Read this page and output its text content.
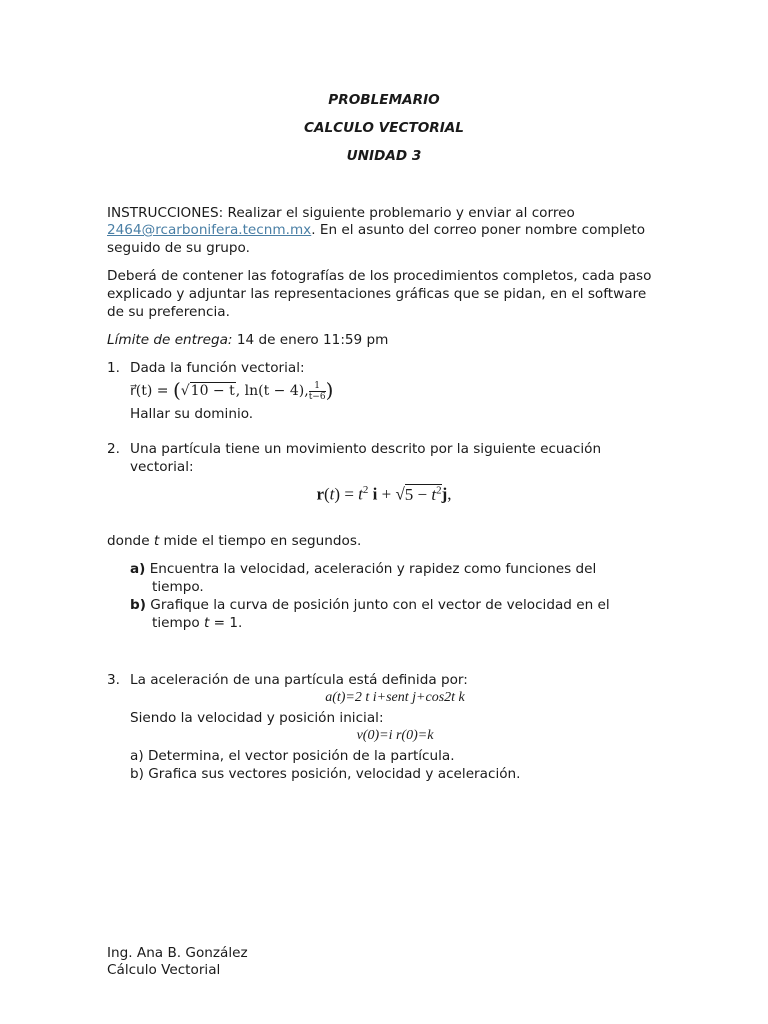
PROBLEMARIO
CALCULO VECTORIAL
UNIDAD 3
INSTRUCCIONES: Realizar el siguiente problemario y enviar al correo
2464@rcarbonifera.tecnm.mx. En el asunto del correo poner nombre completo
seguido de su grupo.
Deberá de contener las fotografías de los procedimientos completos, cada paso
explicado y adjuntar las representaciones gráficas que se pidan, en el software
de su preferencia.
Límite de entrega: 14 de enero 11:59 pm
1. Dada la función vectorial:
r⃗(t) = (√10 − t, ln(t − 4), $\frac{1}{t-6}$ )
Hallar su dominio.
2. Una partícula tiene un movimiento descrito por la siguiente ecuación
vectorial:
$r(t) = t^2$ $i + √5 - t^2j$,
donde t mide el tiempo en segundos.
a) Encuentra la velocidad, aceleración y rapidez como funciones del
tiempo.
b) Grafique la curva de posición junto con el vector de velocidad en el
tiempo t = 1.
3. La aceleración de una partícula está definida por:
a(t)=2 t i+sent j+cos2t k
Siendo la velocidad y posición inicial:
v(0)=i r(0)=k
a) Determina, el vector posición de la partícula.
b) Grafica sus vectores posición, velocidad y aceleración.
Ing. Ana B. González
Cálculo Vectorial
